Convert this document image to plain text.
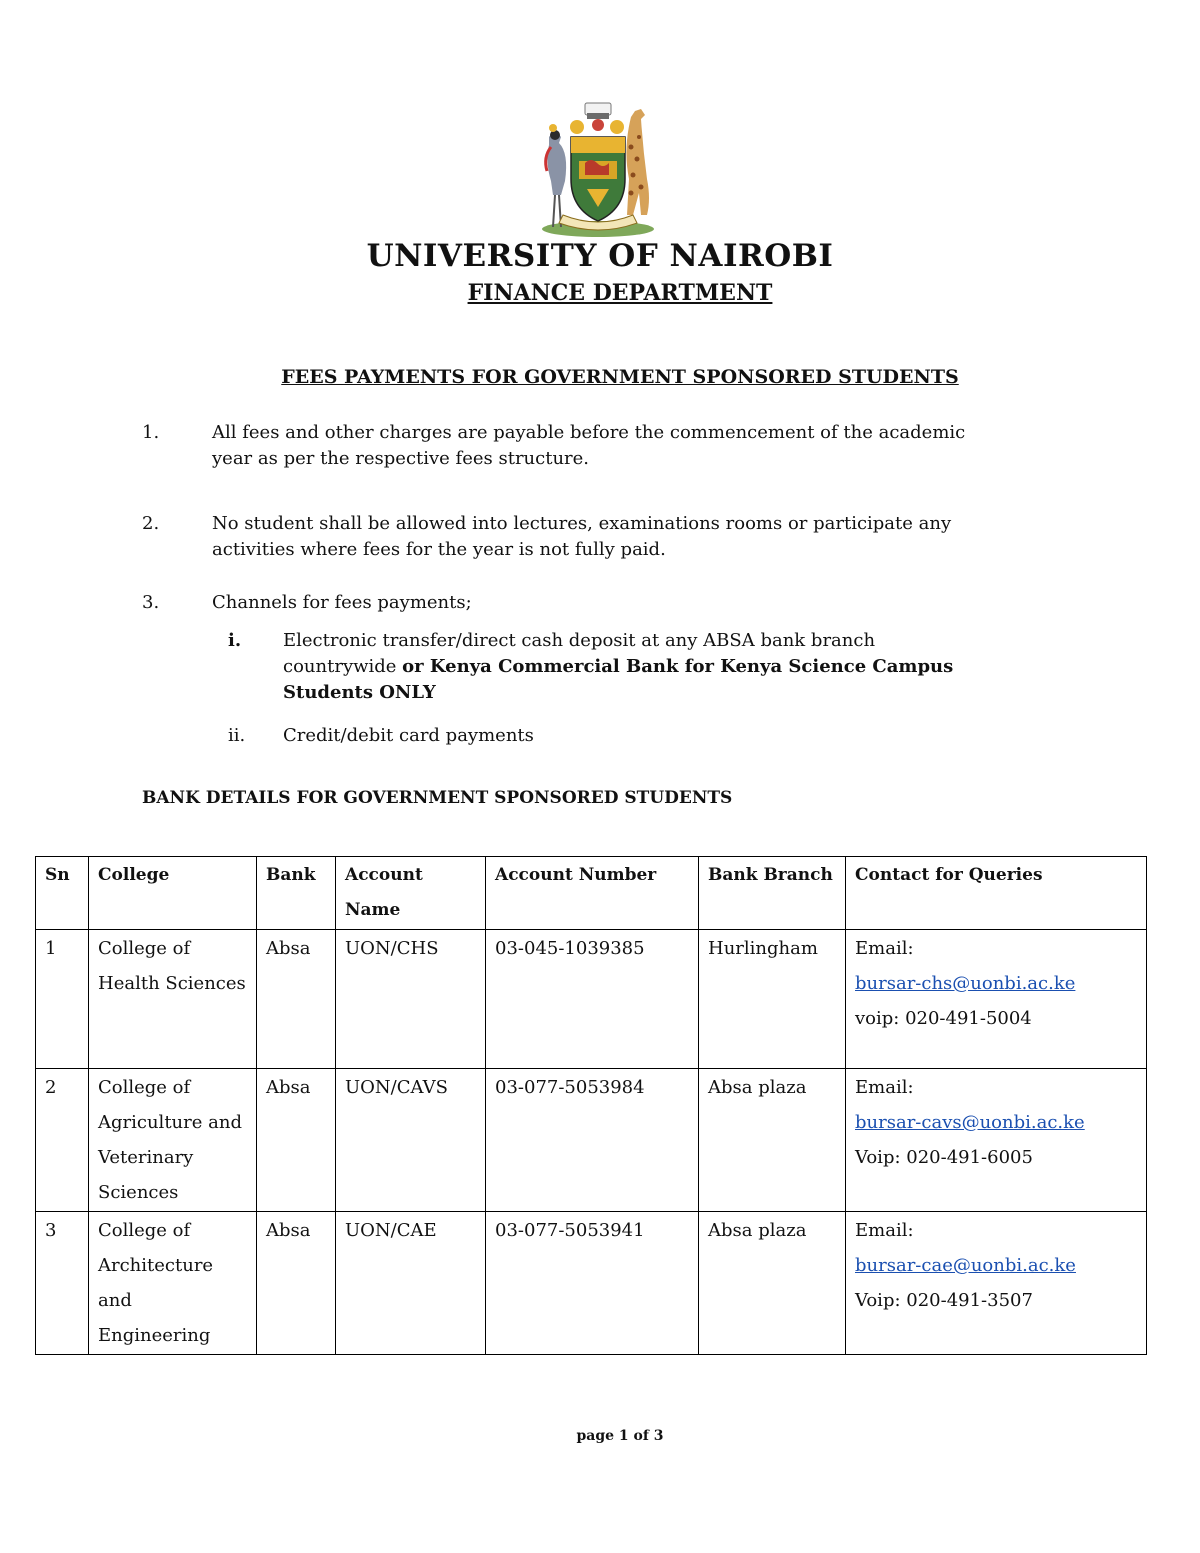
UNIVERSITY OF NAIROBI
FINANCE DEPARTMENT
FEES PAYMENTS FOR GOVERNMENT SPONSORED STUDENTS
1.	All fees and other charges are payable before the commencement of the academic
year as per the respective fees structure.
2.	No student shall be allowed into lectures, examinations rooms or participate any
activities where fees for the year is not fully paid.
3.	Channels for fees payments;
i. Electronic transfer/direct cash deposit at any ABSA bank branch
countrywide or Kenya Commercial Bank for Kenya Science Campus
Students ONLY
ii. Credit/debit card payments
BANK DETAILS FOR GOVERNMENT SPONSORED STUDENTS
Sn	College	Bank	Account Name	Account Number	Bank Branch	Contact for Queries
1	College of Health Sciences	Absa	UON/CHS	03-045-1039385	Hurlingham	Email:
bursar-chs@uonbi.ac.ke
voip: 020-491-5004

2	College of Agriculture and Veterinary Sciences	Absa	UON/CAVS	03-077-5053984	Absa plaza	Email:
bursar-cavs@uonbi.ac.ke
Voip: 020-491-6005

3	College of Architecture and Engineering	Absa	UON/CAE	03-077-5053941	Absa plaza	Email:
bursar-cae@uonbi.ac.ke
Voip: 020-491-3507
page 1 of 3
